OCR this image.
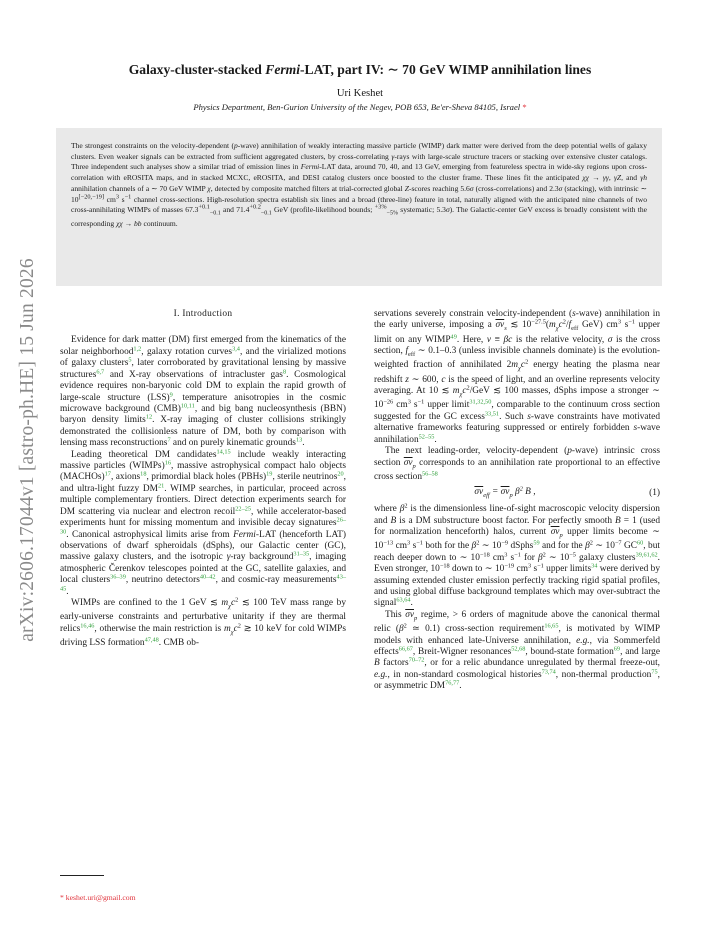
arXiv:2606.17044v1 [astro-ph.HE] 15 Jun 2026
Galaxy-cluster-stacked Fermi-LAT, part IV: ∼ 70 GeV WIMP annihilation lines
Uri Keshet
Physics Department, Ben-Gurion University of the Negev, POB 653, Be'er-Sheva 84105, Israel *
The strongest constraints on the velocity-dependent (p-wave) annihilation of weakly interacting massive particle (WIMP) dark matter were derived from the deep potential wells of galaxy clusters. Even weaker signals can be extracted from sufficient aggregated clusters, by cross-correlating γ-rays with large-scale structure tracers or stacking over extensive cluster catalogs. Three independent such analyses show a similar triad of emission lines in Fermi-LAT data, around 70, 40, and 13 GeV, emerging from featureless spectra in wide-sky regions upon cross-correlation with eROSITA maps, and in stacked MCXC, eROSITA, and DESI catalog clusters once boosted to the cluster frame. These lines fit the anticipated χχ → γγ, γZ, and γh annihilation channels of a ∼ 70 GeV WIMP χ, detected by composite matched filters at trial-corrected global Z-scores reaching 5.6σ (cross-correlations) and 2.3σ (stacking), with intrinsic ∼ 10[−20,−19] $cm^3$ $s^{-1}$ channel cross-sections. High-resolution spectra establish six lines and a broad (three-line) feature in total, naturally aligned with the anticipated nine channels of two cross-annihilating WIMPs of masses $67.3^{+0.1}_{-0.1}$ and $71.4^{+0.2}_{-0.1}$ GeV (profile-likelihood bounds; $^{+3\%}_{-5\%}$ systematic; 5.3σ). The Galactic-center GeV excess is broadly consistent with the corresponding χχ → bb continuum.
I. Introduction

Evidence for dark matter (DM) first emerged from the kinematics of the solar neighborhood$^{1,2}$, galaxy rotation curves$^{3,4}$, and the virialized motions of galaxy clusters$^5$, later corroborated by gravitational lensing by massive structures$^{6,7}$ and X-ray observations of intracluster gas$^8$. Cosmological evidence requires non-baryonic cold DM to explain the rapid growth of large-scale structure (LSS)$^9$, temperature anisotropies in the cosmic microwave background (CMB)$^{10,11}$, and big bang nucleosynthesis (BBN) baryon density limits$^{12}$. X-ray imaging of cluster collisions strikingly demonstrated the collisionless nature of DM, both by comparison with lensing mass reconstructions$^7$ and on purely kinematic grounds$^{13}$.

Leading theoretical DM candidates$^{14,15}$ include weakly interacting massive particles (WIMPs)$^{16}$, massive astrophysical compact halo objects (MACHOs)$^{17}$, axions$^{18}$, primordial black holes (PBHs)$^{19}$, sterile neutrinos$^{20}$, and ultra-light fuzzy DM$^{21}$. WIMP searches, in particular, proceed across multiple complementary frontiers. Direct detection experiments search for DM scattering via nuclear and electron recoil$^{22-25}$, while accelerator-based experiments hunt for missing momentum and invisible decay signatures$^{26-30}$. Canonical astrophysical limits arise from Fermi-LAT (henceforth LAT) observations of dwarf spheroidals (dSphs), our Galactic center (GC), massive galaxy clusters, and the isotropic γ-ray background$^{31-35}$, imaging atmospheric Čerenkov telescopes pointed at the GC, satellite galaxies, and local clusters$^{36-39}$, neutrino detectors$^{40-42}$, and cosmic-ray measurements$^{43-45}$.

WIMPs are confined to the 1 GeV ≲ $m_\chi c^2$ ≲ 100 TeV mass range by early-universe constraints and perturbative unitarity if they are thermal relics$^{16,46}$, otherwise the main restriction is $m_\chi c^2$ ≳ 10 keV for cold WIMPs driving LSS formation$^{47,48}$. CMB ob-

servations severely constrain velocity-independent (s-wave) annihilation in the early universe, imposing a $\overline{\sigma v}_s$ ≲ $10^{-27.5}(m_\chi c^2/f_{eff}$ GeV) $cm^3$ $s^{-1}$ upper limit on any WIMP$^{49}$. Here, v ≡ βc is the relative velocity, σ is the cross section, $f_{eff}$ ∼ 0.1–0.3 (unless invisible channels dominate) is the evolution-weighted fraction of annihilated $2m_\chi c^2$ energy heating the plasma near redshift z ∼ 600, c is the speed of light, and an overline represents velocity averaging. At 10 ≲ $m_\chi c^2$/GeV ≲ 100 masses, dSphs impose a stronger ∼ $10^{-26}$ $cm^3$ $s^{-1}$ upper limit$^{31,32,50}$, comparable to the continuum cross section suggested for the GC excess$^{33,51}$. Such s-wave constraints have motivated alternative frameworks featuring suppressed or entirely forbidden s-wave annihilation$^{52-55}$.

The next leading-order, velocity-dependent (p-wave) intrinsic cross section $\overline{\sigma v}_p$ corresponds to an annihilation rate proportional to an effective cross section$^{56-58}$

$\overline{\sigma v}_{eff} = \overline{\sigma v}_p$ $\beta^2$ B ,	(1)

where $\beta^2$ is the dimensionless line-of-sight macroscopic velocity dispersion and B is a DM substructure boost factor. For perfectly smooth B = 1 (used for normalization henceforth) halos, current $\overline{\sigma v}_p$ upper limits become ∼ $10^{-13}$ $cm^3$ $s^{-1}$ both for the $\beta^2$ ∼ $10^{-9}$ dSphs$^{59}$ and for the $\beta^2$ ∼ $10^{-7}$ GC$^{60}$, but reach deeper down to ∼ $10^{-18}$ $cm^3$ $s^{-1}$ for $\beta^2$ ∼ $10^{-5}$ galaxy clusters$^{39,61,62}$. Even stronger, $10^{-18}$ down to ∼ $10^{-19}$ $cm^3$ $s^{-1}$ upper limits$^{34}$ were derived by assuming extended cluster emission perfectly tracking rigid spatial profiles, and using global diffuse background templates which may over-subtract the signal$^{63,64}$.

This $\overline{\sigma v}_p$ regime, > 6 orders of magnitude above the canonical thermal relic ($\beta^2$ ≃ 0.1) cross-section requirement$^{16,65}$, is motivated by WIMP models with enhanced late-Universe annihilation, e.g., via Sommerfeld effects$^{66,67}$, Breit-Wigner resonances$^{52,68}$, bound-state formation$^{69}$, and large B factors$^{70-72}$, or for a relic abundance unregulated by thermal freeze-out, e.g., in non-standard cosmological histories$^{73,74}$, non-thermal production$^{75}$, or asymmetric DM$^{76,77}$.

* keshet.uri@gmail.com
